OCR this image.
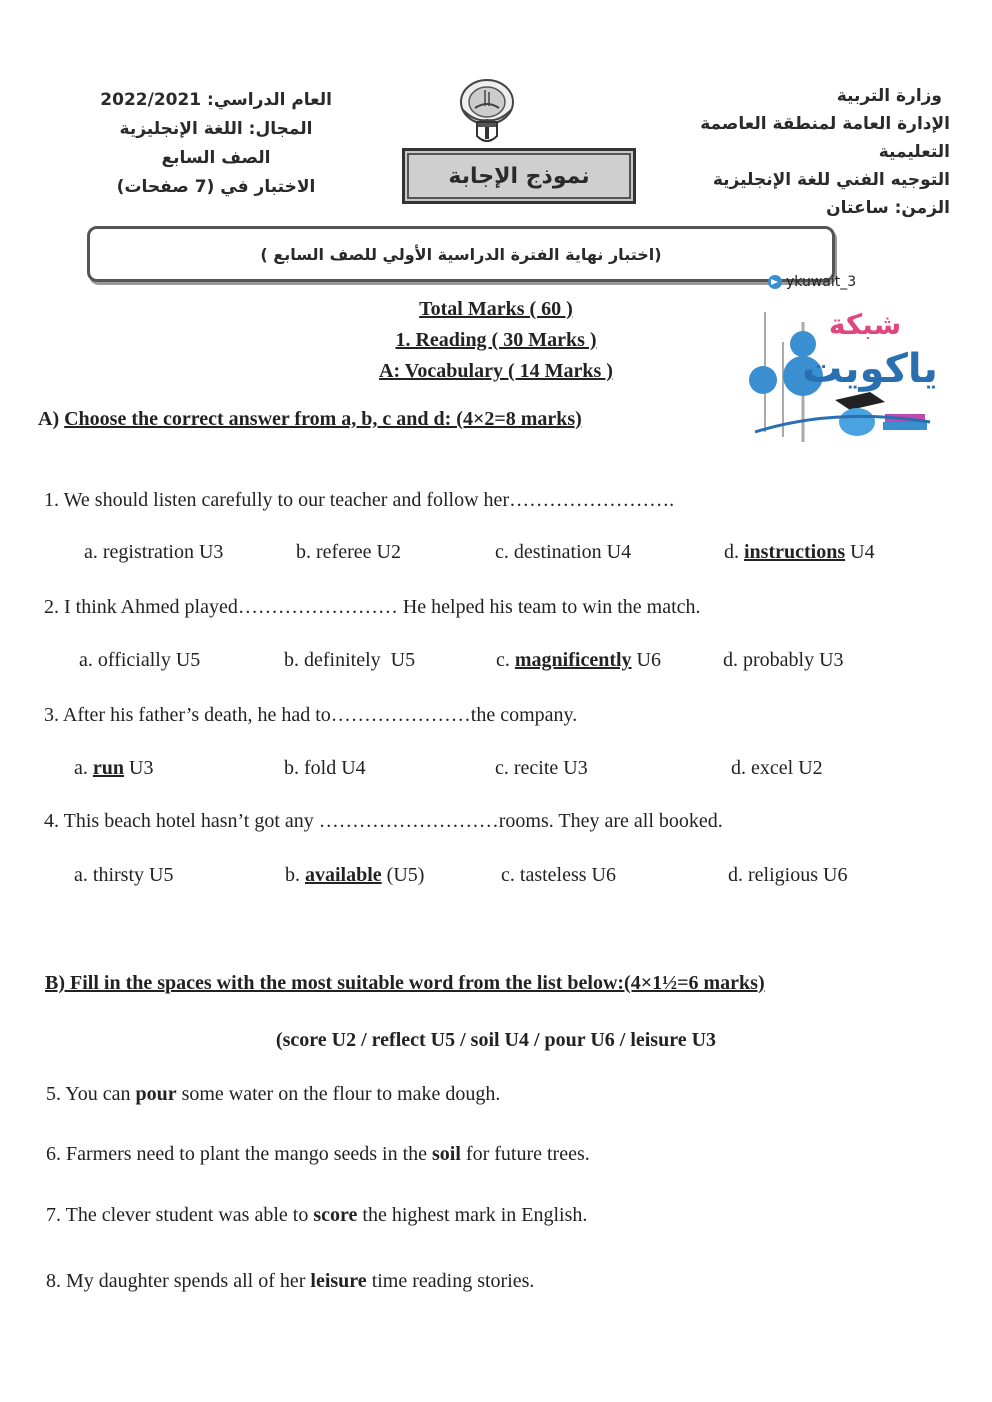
العام الدراسي: 2022/2021
المجال: اللغة الإنجليزية
الصف السابع
الاختبار في (7 صفحات)
وزارة التربية
الإدارة العامة لمنطقة العاصمة التعليمية
التوجيه الفني للغة الإنجليزية
الزمن: ساعتان
نموذج الإجابة
(اختبار نهاية الفترة الدراسية الأولي للصف السابع )
ykuwait_3
شبكة
ياكويت
Total Marks ( 60 )
1. Reading ( 30 Marks )
A: Vocabulary ( 14 Marks )
A) Choose the correct answer from a, b, c and d: (4×2=8 marks)
1. We should listen carefully to our teacher and follow her…………………….
a. registration U3	b. referee U2	c. destination U4	d. instructions U4
2. I think Ahmed played…………………… He helped his team to win the match.
a. officially U5	b. definitely  U5	c. magnificently U6	d. probably U3
3. After his father’s death, he had to…………………the company.
a. run U3	b. fold U4	c. recite U3	d. excel U2
4. This beach hotel hasn’t got any ………………………rooms. They are all booked.
a. thirsty U5	b. available (U5)	c. tasteless U6	d. religious U6
B) Fill in the spaces with the most suitable word from the list below:(4×1½=6 marks)
(score U2 / reflect U5 / soil U4 / pour U6 / leisure U3
5. You can pour some water on the flour to make dough.
6. Farmers need to plant the mango seeds in the soil for future trees.
7. The clever student was able to score the highest mark in English.
8. My daughter spends all of her leisure time reading stories.
